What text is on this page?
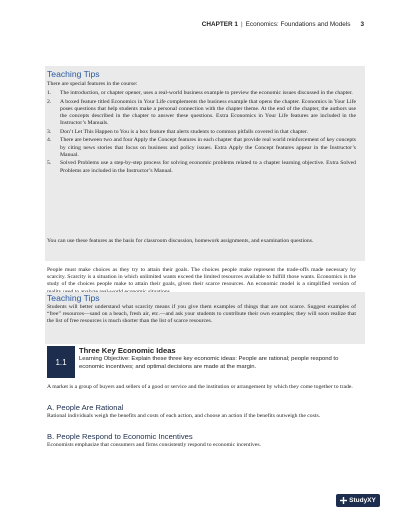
CHAPTER 1 | Economics: Foundations and Models 3
Teaching Tips
There are special features in the course:
1. The introduction, or chapter opener, uses a real-world business example to preview the economic issues discussed in the chapter.
2. A boxed feature titled Economics in Your Life complements the business example that opens the chapter. Economics in Your Life poses questions that help students make a personal connection with the chapter theme. At the end of the chapter, the authors use the concepts described in the chapter to answer these questions. Extra Economics in Your Life features are included in the Instructor’s Manuals.
3. Don’t Let This Happen to You is a box feature that alerts students to common pitfalls covered in that chapter.
4. There are between two and four Apply the Concept features in each chapter that provide real world reinforcement of key concepts by citing news stories that focus on business and policy issues. Extra Apply the Concept features appear in the Instructor’s Manual.
5. Solved Problems use a step-by-step process for solving economic problems related to a chapter learning objective. Extra Solved Problems are included in the Instructor’s Manual.
You can use these features as the basis for classroom discussion, homework assignments, and examination questions.
People must make choices as they try to attain their goals. The choices people make represent the trade-offs made necessary by scarcity. Scarcity is a situation in which unlimited wants exceed the limited resources available to fulfill those wants. Economics is the study of the choices people make to attain their goals, given their scarce resources. An economic model is a simplified version of
Teaching Tips
Students will better understand what scarcity means if you give them examples of things that are not scarce. Suggest examples of “free” resources—sand on a beach, fresh air, etc.—and ask your students to contribute their own examples; they will soon realize that the list of free resources is much shorter than the list of scarce resources.
1.1
Three Key Economic Ideas
Learning Objective: Explain these three key economic ideas: People are rational; people respond to economic incentives; and optimal decisions are made at the margin.
A market is a group of buyers and sellers of a good or service and the institution or arrangement by which they come together to trade.
A. People Are Rational
Rational individuals weigh the benefits and costs of each action, and choose an action if the benefits outweigh the costs.
B. People Respond to Economic Incentives
Economists emphasize that consumers and firms consistently respond to economic incentives.
StudyXY
